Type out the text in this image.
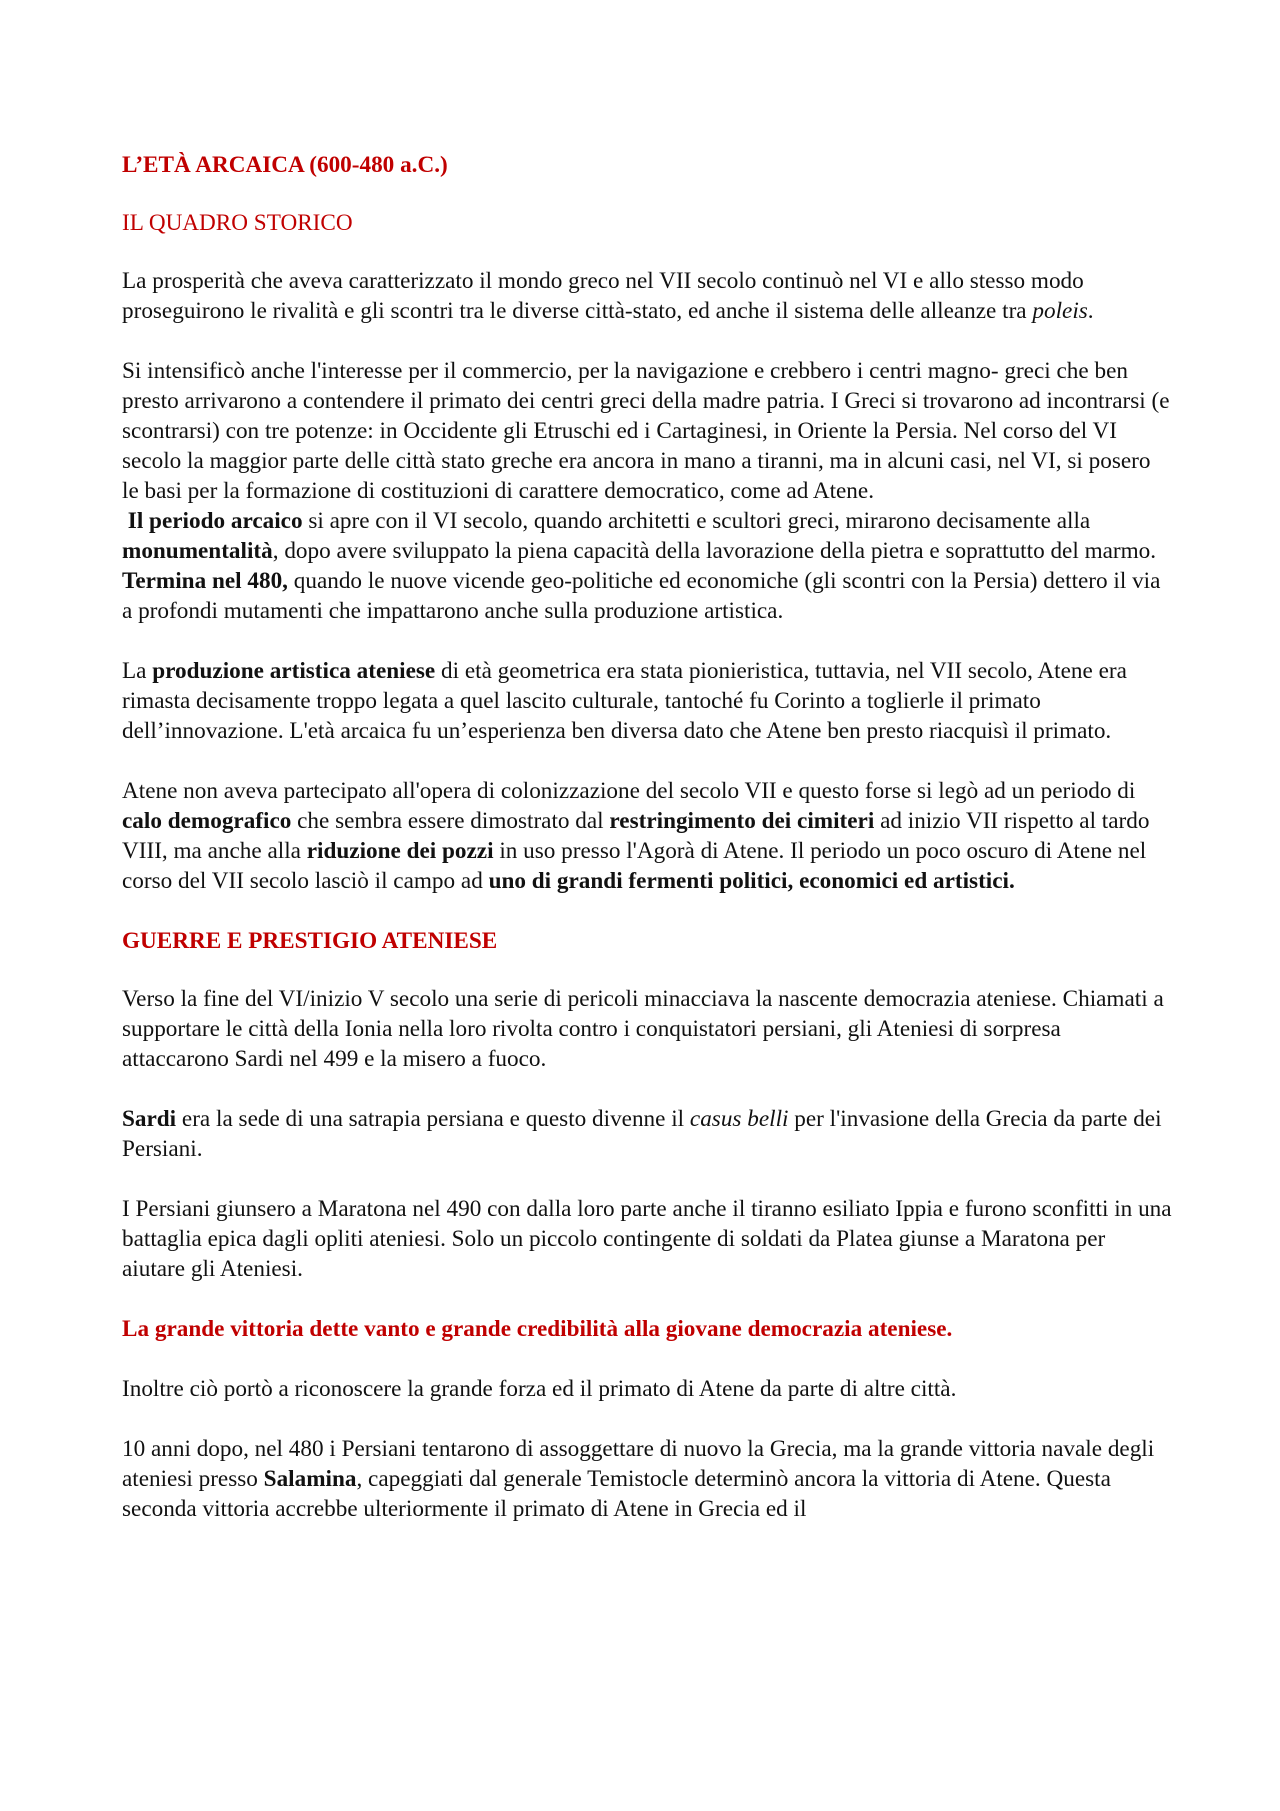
L’ETÀ ARCAICA (600-480 a.C.)

IL QUADRO STORICO

La prosperità che aveva caratterizzato il mondo greco nel VII secolo continuò nel VI e allo stesso modo proseguirono le rivalità e gli scontri tra le diverse città-stato, ed anche il sistema delle alleanze tra poleis.

Si intensificò anche l'interesse per il commercio, per la navigazione e crebbero i centri magno- greci che ben presto arrivarono a contendere il primato dei centri greci della madre patria. I Greci si trovarono ad incontrarsi (e scontrarsi) con tre potenze: in Occidente gli Etruschi ed i Cartaginesi, in Oriente la Persia. Nel corso del VI secolo la maggior parte delle città stato greche era ancora in mano a tiranni, ma in alcuni casi, nel VI, si posero le basi per la formazione di costituzioni di carattere democratico, come ad Atene.

Il periodo arcaico si apre con il VI secolo, quando architetti e scultori greci, mirarono decisamente alla monumentalità, dopo avere sviluppato la piena capacità della lavorazione della pietra e soprattutto del marmo. Termina nel 480, quando le nuove vicende geo-politiche ed economiche (gli scontri con la Persia) dettero il via a profondi mutamenti che impattarono anche sulla produzione artistica.

La produzione artistica ateniese di età geometrica era stata pionieristica, tuttavia, nel VII secolo, Atene era rimasta decisamente troppo legata a quel lascito culturale, tantoché fu Corinto a toglierle il primato dell’innovazione. L'età arcaica fu un’esperienza ben diversa dato che Atene ben presto riacquisì il primato.

Atene non aveva partecipato all'opera di colonizzazione del secolo VII e questo forse si legò ad un periodo di calo demografico che sembra essere dimostrato dal restringimento dei cimiteri ad inizio VII rispetto al tardo VIII, ma anche alla riduzione dei pozzi in uso presso l'Agorà di Atene. Il periodo un poco oscuro di Atene nel corso del VII secolo lasciò il campo ad uno di grandi fermenti politici, economici ed artistici.

GUERRE E PRESTIGIO ATENIESE

Verso la fine del VI/inizio V secolo una serie di pericoli minacciava la nascente democrazia ateniese. Chiamati a supportare le città della Ionia nella loro rivolta contro i conquistatori persiani, gli Ateniesi di sorpresa attaccarono Sardi nel 499 e la misero a fuoco.

Sardi era la sede di una satrapia persiana e questo divenne il casus belli per l'invasione della Grecia da parte dei Persiani.

I Persiani giunsero a Maratona nel 490 con dalla loro parte anche il tiranno esiliato Ippia e furono sconfitti in una battaglia epica dagli opliti ateniesi. Solo un piccolo contingente di soldati da Platea giunse a Maratona per aiutare gli Ateniesi.

La grande vittoria dette vanto e grande credibilità alla giovane democrazia ateniese.

Inoltre ciò portò a riconoscere la grande forza ed il primato di Atene da parte di altre città.

10 anni dopo, nel 480 i Persiani tentarono di assoggettare di nuovo la Grecia, ma la grande vittoria navale degli ateniesi presso Salamina, capeggiati dal generale Temistocle determinò ancora la vittoria di Atene. Questa seconda vittoria accrebbe ulteriormente il primato di Atene in Grecia ed il
